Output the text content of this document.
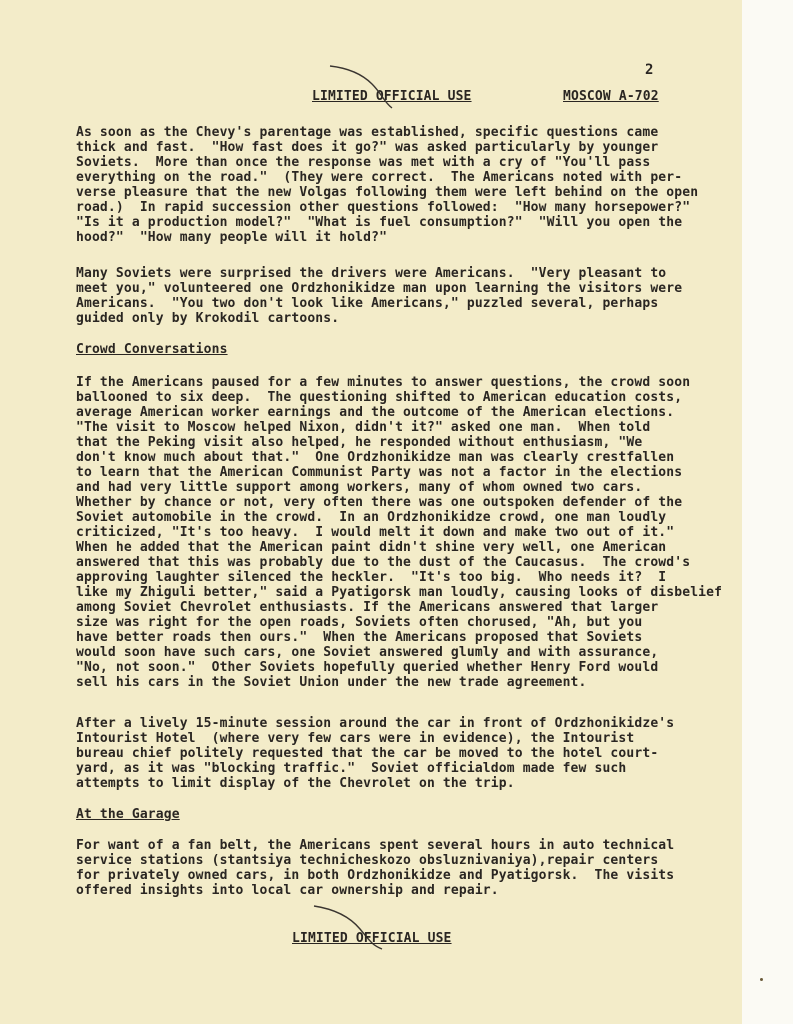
2
LIMITED OFFICIAL USE	MOSCOW A-702
As soon as the Chevy's parentage was established, specific questions came
thick and fast.  "How fast does it go?" was asked particularly by younger
Soviets.  More than once the response was met with a cry of "You'll pass
everything on the road."  (They were correct.  The Americans noted with per-
verse pleasure that the new Volgas following them were left behind on the open
road.)  In rapid succession other questions followed:  "How many horsepower?"
"Is it a production model?"  "What is fuel consumption?"  "Will you open the
hood?"  "How many people will it hold?"
Many Soviets were surprised the drivers were Americans.  "Very pleasant to
meet you," volunteered one Ordzhonikidze man upon learning the visitors were
Americans.  "You two don't look like Americans," puzzled several, perhaps
guided only by Krokodil cartoons.
Crowd Conversations
If the Americans paused for a few minutes to answer questions, the crowd soon
ballooned to six deep.  The questioning shifted to American education costs,
average American worker earnings and the outcome of the American elections.
"The visit to Moscow helped Nixon, didn't it?" asked one man.  When told
that the Peking visit also helped, he responded without enthusiasm, "We
don't know much about that."  One Ordzhonikidze man was clearly crestfallen
to learn that the American Communist Party was not a factor in the elections
and had very little support among workers, many of whom owned two cars.
Whether by chance or not, very often there was one outspoken defender of the
Soviet automobile in the crowd.  In an Ordzhonikidze crowd, one man loudly
criticized, "It's too heavy.  I would melt it down and make two out of it."
When he added that the American paint didn't shine very well, one American
answered that this was probably due to the dust of the Caucasus.  The crowd's
approving laughter silenced the heckler.  "It's too big.  Who needs it?  I
like my Zhiguli better," said a Pyatigorsk man loudly, causing looks of disbelief
among Soviet Chevrolet enthusiasts. If the Americans answered that larger
size was right for the open roads, Soviets often chorused, "Ah, but you
have better roads then ours."  When the Americans proposed that Soviets
would soon have such cars, one Soviet answered glumly and with assurance,
"No, not soon."  Other Soviets hopefully queried whether Henry Ford would
sell his cars in the Soviet Union under the new trade agreement.
After a lively 15-minute session around the car in front of Ordzhonikidze's
Intourist Hotel  (where very few cars were in evidence), the Intourist
bureau chief politely requested that the car be moved to the hotel court-
yard, as it was "blocking traffic."  Soviet officialdom made few such
attempts to limit display of the Chevrolet on the trip.
At the Garage
For want of a fan belt, the Americans spent several hours in auto technical
service stations (stantsiya technicheskozo obsluznivaniya),repair centers
for privately owned cars, in both Ordzhonikidze and Pyatigorsk.  The visits
offered insights into local car ownership and repair.
LIMITED OFFICIAL USE
